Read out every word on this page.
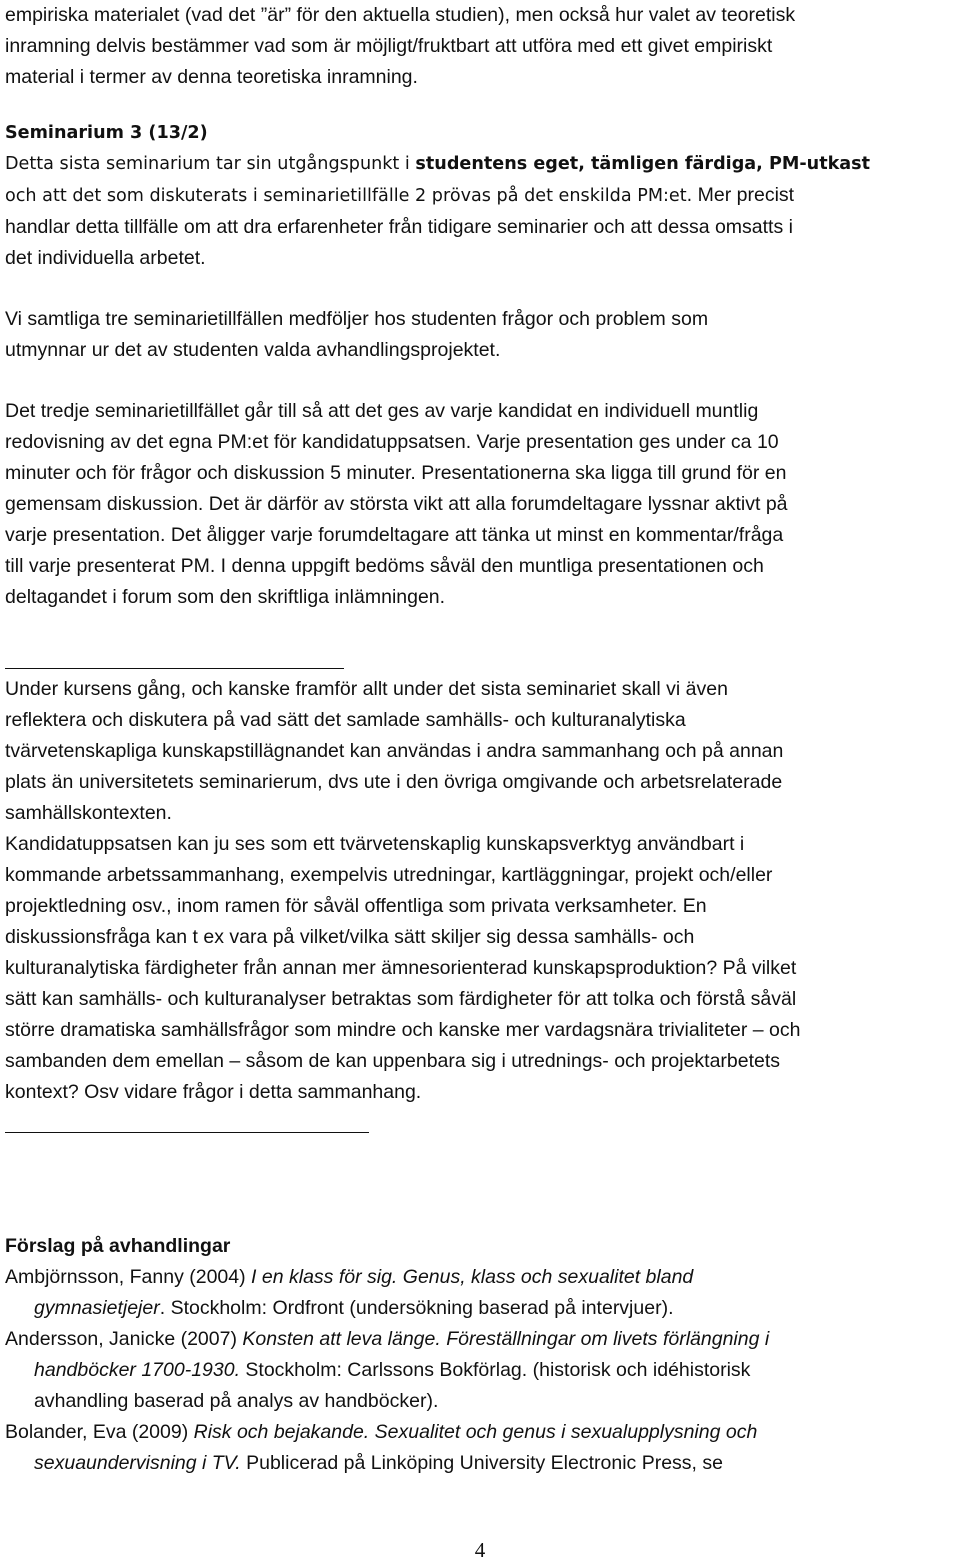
empiriska materialet (vad det ”är” för den aktuella studien), men också hur valet av teoretisk

inramning delvis bestämmer vad som är möjligt/fruktbart att utföra med ett givet empiriskt

material i termer av denna teoretiska inramning.

Seminarium 3 (13/2)

Detta sista seminarium tar sin utgångspunkt i studentens eget, tämligen färdiga, PM-utkast

och att det som diskuterats i seminarietillfälle 2 prövas på det enskilda PM:et. Mer precist

handlar detta tillfälle om att dra erfarenheter från tidigare seminarier och att dessa omsatts i

det individuella arbetet.

Vi samtliga tre seminarietillfällen medföljer hos studenten frågor och problem som

utmynnar ur det av studenten valda avhandlingsprojektet.

Det tredje seminarietillfället går till så att det ges av varje kandidat en individuell muntlig

redovisning av det egna PM:et för kandidatuppsatsen. Varje presentation ges under ca 10

minuter och för frågor och diskussion 5 minuter. Presentationerna ska ligga till grund för en

gemensam diskussion. Det är därför av största vikt att alla forumdeltagare lyssnar aktivt på

varje presentation. Det åligger varje forumdeltagare att tänka ut minst en kommentar/fråga

till varje presenterat PM. I denna uppgift bedöms såväl den muntliga presentationen och

deltagandet i forum som den skriftliga inlämningen.

Under kursens gång, och kanske framför allt under det sista seminariet skall vi även

reflektera och diskutera på vad sätt det samlade samhälls- och kulturanalytiska

tvärvetenskapliga kunskapstillägnandet kan användas i andra sammanhang och på annan

plats än universitetets seminarierum, dvs ute i den övriga omgivande och arbetsrelaterade

samhällskontexten.

Kandidatuppsatsen kan ju ses som ett tvärvetenskaplig kunskapsverktyg användbart i

kommande arbetssammanhang, exempelvis utredningar, kartläggningar, projekt och/eller

projektledning osv., inom ramen för såväl offentliga som privata verksamheter. En

diskussionsfråga kan t ex vara på vilket/vilka sätt skiljer sig dessa samhälls- och

kulturanalytiska färdigheter från annan mer ämnesorienterad kunskapsproduktion? På vilket

sätt kan samhälls- och kulturanalyser betraktas som färdigheter för att tolka och förstå såväl

större dramatiska samhällsfrågor som mindre och kanske mer vardagsnära trivialiteter – och

sambanden dem emellan – såsom de kan uppenbara sig i utrednings- och projektarbetets

kontext? Osv vidare frågor i detta sammanhang.

Förslag på avhandlingar

Ambjörnsson, Fanny (2004) I en klass för sig. Genus, klass och sexualitet bland

gymnasietjejer. Stockholm: Ordfront (undersökning baserad på intervjuer).

Andersson, Janicke (2007) Konsten att leva länge. Föreställningar om livets förlängning i

handböcker 1700-1930. Stockholm: Carlssons Bokförlag. (historisk och idéhistorisk

avhandling baserad på analys av handböcker).

Bolander, Eva (2009) Risk och bejakande. Sexualitet och genus i sexualupplysning och

sexuaundervisning i TV. Publicerad på Linköping University Electronic Press, se

4
